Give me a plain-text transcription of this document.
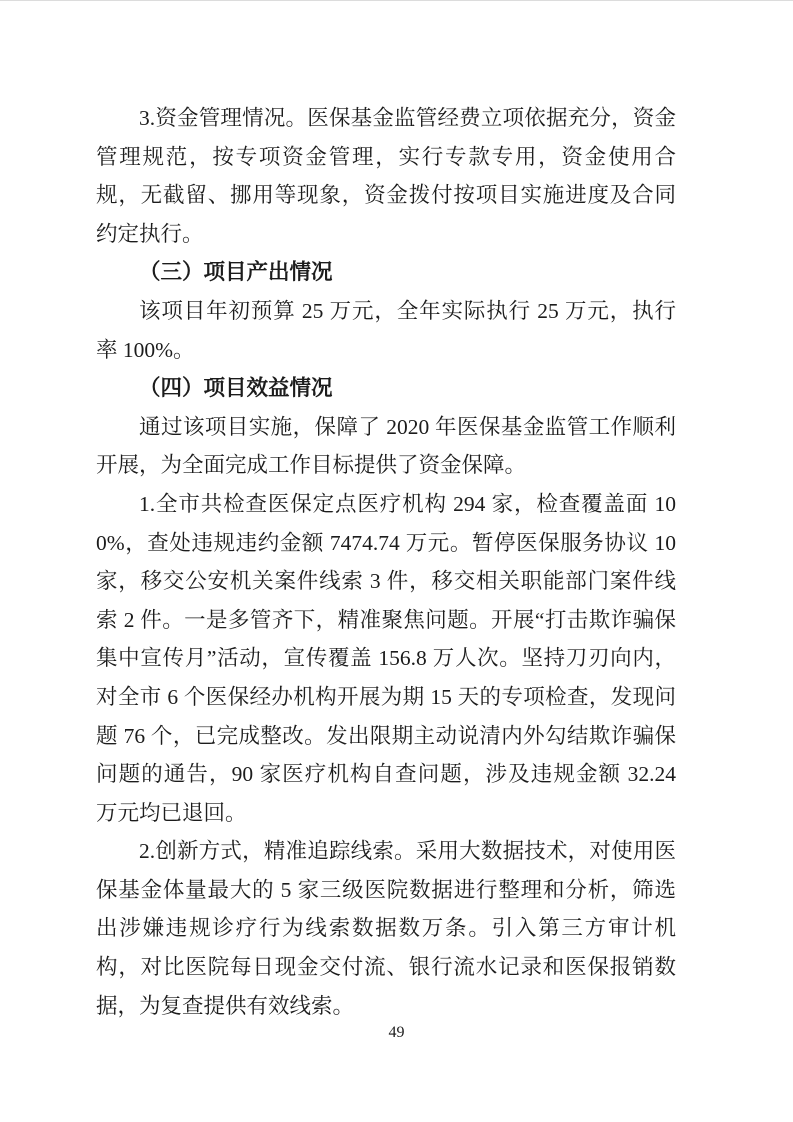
3.资金管理情况。医保基金监管经费立项依据充分，资金管理规范，按专项资金管理，实行专款专用，资金使用合规，无截留、挪用等现象，资金拨付按项目实施进度及合同约定执行。

（三）项目产出情况

该项目年初预算 25 万元，全年实际执行 25 万元，执行率 100%。

（四）项目效益情况

通过该项目实施，保障了 2020 年医保基金监管工作顺利开展，为全面完成工作目标提供了资金保障。

1.全市共检查医保定点医疗机构 294 家，检查覆盖面 100%，查处违规违约金额 7474.74 万元。暂停医保服务协议 10 家，移交公安机关案件线索 3 件，移交相关职能部门案件线索 2 件。一是多管齐下，精准聚焦问题。开展“打击欺诈骗保集中宣传月”活动，宣传覆盖 156.8 万人次。坚持刀刃向内，对全市 6 个医保经办机构开展为期 15 天的专项检查，发现问题 76 个，已完成整改。发出限期主动说清内外勾结欺诈骗保问题的通告，90 家医疗机构自查问题，涉及违规金额 32.24 万元均已退回。

2.创新方式，精准追踪线索。采用大数据技术，对使用医保基金体量最大的 5 家三级医院数据进行整理和分析，筛选出涉嫌违规诊疗行为线索数据数万条。引入第三方审计机构，对比医院每日现金交付流、银行流水记录和医保报销数据，为复查提供有效线索。

49
